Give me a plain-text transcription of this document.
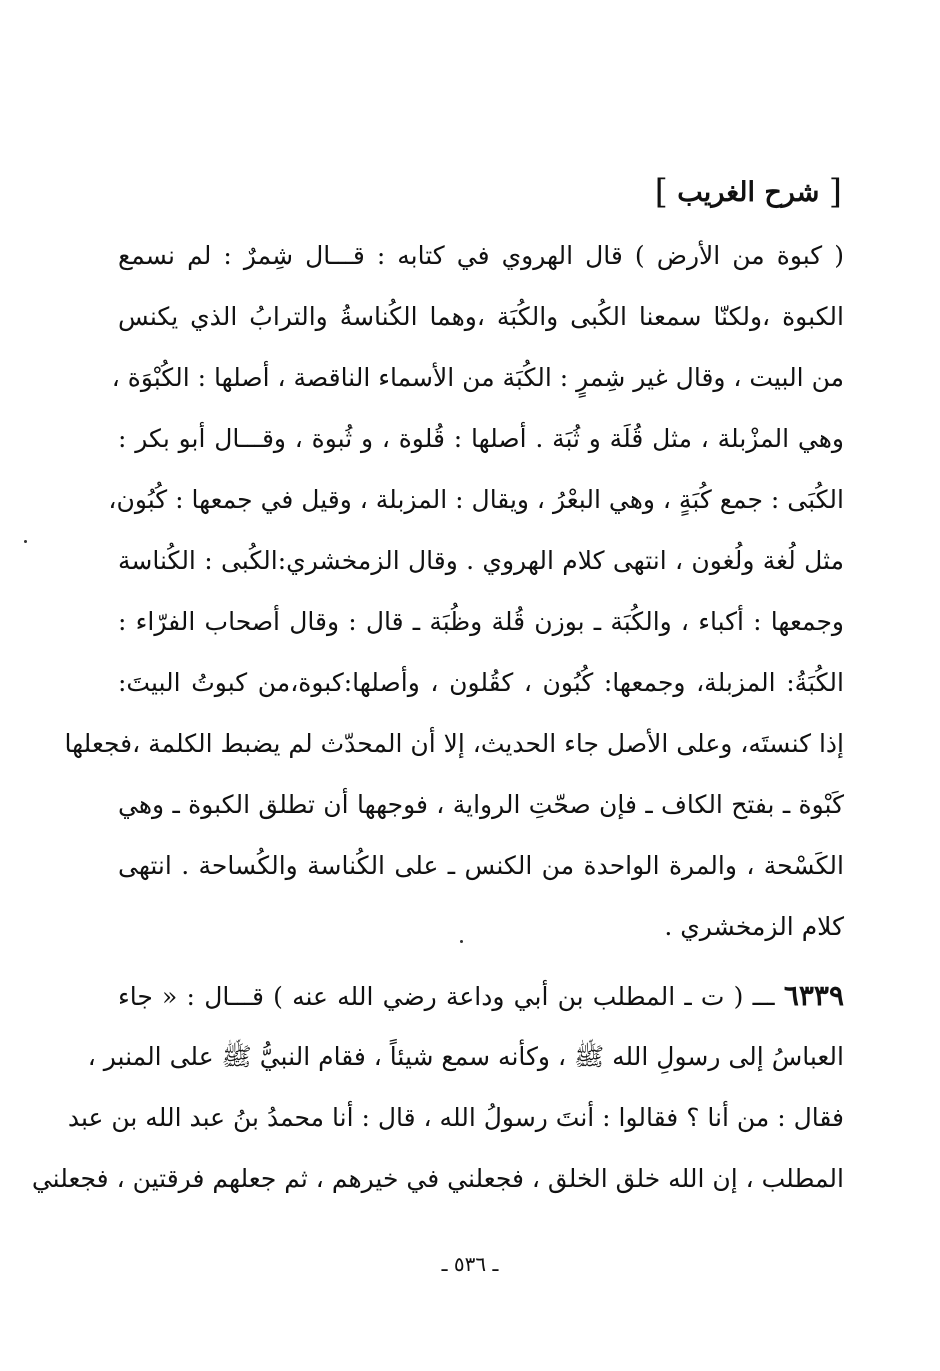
[ شرح الغريب ]
( كبوة من الأرض ) قال الهروي في كتابه : قـــال شِمرٌ : لم نسمع
الكبوة ،ولكنّا سمعنا الكُبى والكُبَة ،وهما الكُناسةُ والترابُ الذي يكنس
من البيت ، وقال غير شِمرٍ : الكُبَة من الأسماء الناقصة ، أصلها : الكُبْوَة ،
وهي المزْبلة ، مثل قُلَة و ثُبَة . أصلها : قُلوة ، و ثُبوة ، وقـــال أبو بكر :
الكُبَى : جمع كُبَةٍ ، وهي البعْرُ ، ويقال : المزبلة ، وقيل في جمعها : كُبُون،
مثل لُغة ولُغون ، انتهى كلام الهروي . وقال الزمخشري:الكُبى : الكُناسة
وجمعها : أكباء ، والكُبَة ـ بوزن قُلة وظُبَة ـ قال : وقال أصحاب الفرّاء :
الكُبَةُ: المزبلة، وجمعها: كُبُون ، كقُلون ، وأصلها:كبوة،من كبوتُ البيتَ:
إذا كنستَه، وعلى الأصل جاء الحديث، إلا أن المحدّث لم يضبط الكلمة ،فجعلها
كَبْوة ـ بفتح الكاف ـ فإن صحّتِ الرواية ، فوجهها أن تطلق الكبوة ـ وهي
الكَسْحة ، والمرة الواحدة من الكنس ـ على الكُناسة والكُساحة . انتهى
كلام الزمخشري .
٦٣٣٩ ـــ ( ت ـ المطلب بن أبي وداعة رضي الله عنه ) قـــال : « جاء
العباسُ إلى رسولِ الله ﷺ ، وكأنه سمع شيئاً ، فقام النبيُّ ﷺ على المنبر ،
فقال : من أنا ؟ فقالوا : أنتَ رسولُ الله ، قال : أنا محمدُ بنُ عبد الله بن عبد
المطلب ، إن الله خلق الخلق ، فجعلني في خيرهم ، ثم جعلهم فرقتين ، فجعلني
ـ ٥٣٦ ـ
